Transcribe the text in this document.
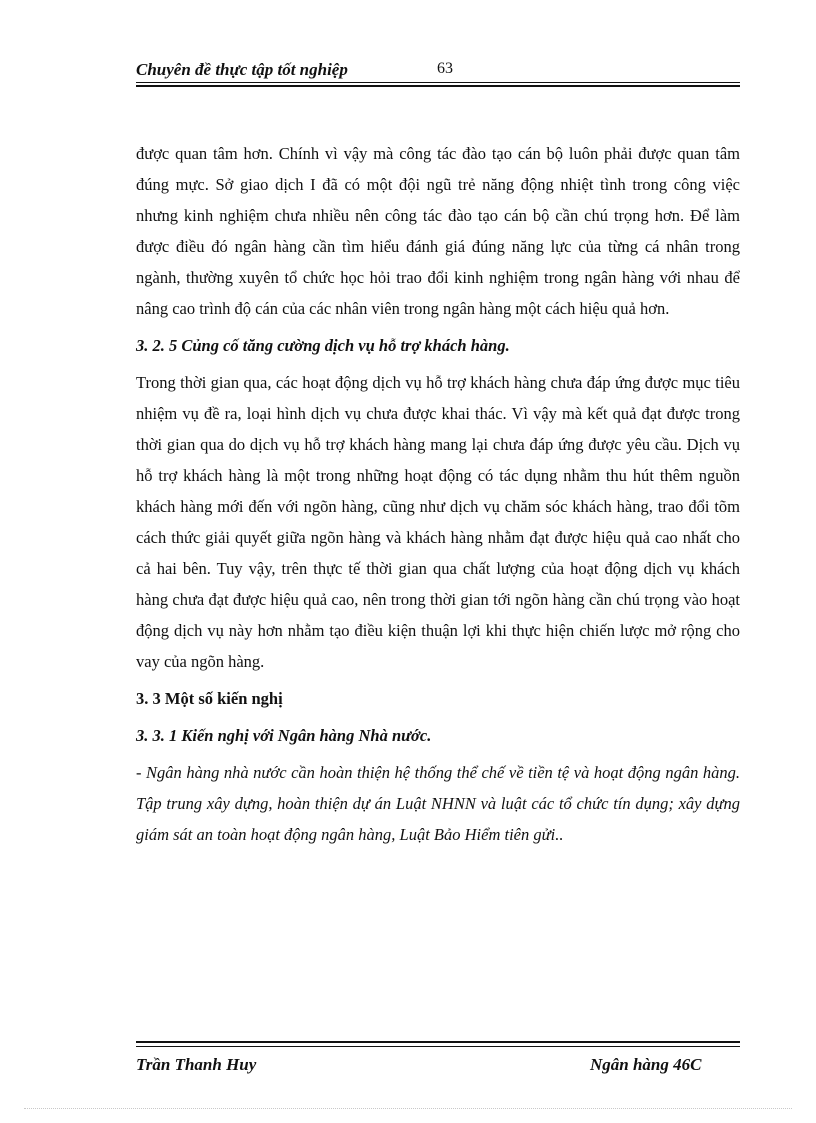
Chuyên đề thực tập tốt nghiệp	63

được quan tâm hơn. Chính vì vậy mà công tác đào tạo cán bộ luôn phải được quan tâm đúng mực. Sở giao dịch I đã có một đội ngũ trẻ năng động nhiệt tình trong công việc nhưng kinh nghiệm chưa nhiều nên công tác đào tạo cán bộ cần chú trọng hơn. Để làm được điều đó ngân hàng cần tìm hiểu đánh giá đúng năng lực của từng cá nhân trong ngành, thường xuyên tổ chức học hỏi trao đổi kinh nghiệm trong ngân hàng với nhau để nâng cao trình độ cán của các nhân viên trong ngân hàng một cách hiệu quả hơn.

3. 2. 5 Củng cố tăng cường dịch vụ hỗ trợ khách hàng.

Trong thời gian qua, các hoạt động dịch vụ hỗ trợ khách hàng chưa đáp ứng được mục tiêu nhiệm vụ đề ra, loại hình dịch vụ chưa được khai thác. Vì vậy mà kết quả đạt được trong thời gian qua do dịch vụ hỗ trợ khách hàng mang lại chưa đáp ứng được yêu cầu. Dịch vụ hỗ trợ khách hàng là một trong những hoạt động có tác dụng nhằm thu hút thêm nguồn khách hàng mới đến với ngõn hàng, cũng như dịch vụ chăm sóc khách hàng, trao đổi tõm cách thức giải quyết giữa ngõn hàng và khách hàng nhằm đạt được hiệu quả cao nhất cho cả hai bên. Tuy vậy, trên thực tế thời gian qua chất lượng của hoạt động dịch vụ khách hàng chưa đạt được hiệu quả cao, nên trong thời gian tới ngõn hàng cần chú trọng vào hoạt động dịch vụ này hơn nhằm tạo điều kiện thuận lợi khi thực hiện chiến lược mở rộng cho vay của ngõn hàng.

3. 3 Một số kiến nghị

3. 3. 1 Kiến nghị với Ngân hàng Nhà nước.

- Ngân hàng nhà nước cần hoàn thiện hệ thống thể chế về tiền tệ và hoạt động ngân hàng. Tập trung xây dựng, hoàn thiện dự án Luật NHNN và luật các tổ chức tín dụng; xây dựng giám sát an toàn hoạt động ngân hàng, Luật Bảo Hiểm tiên gửi..

Trần Thanh Huy	Ngân hàng 46C
